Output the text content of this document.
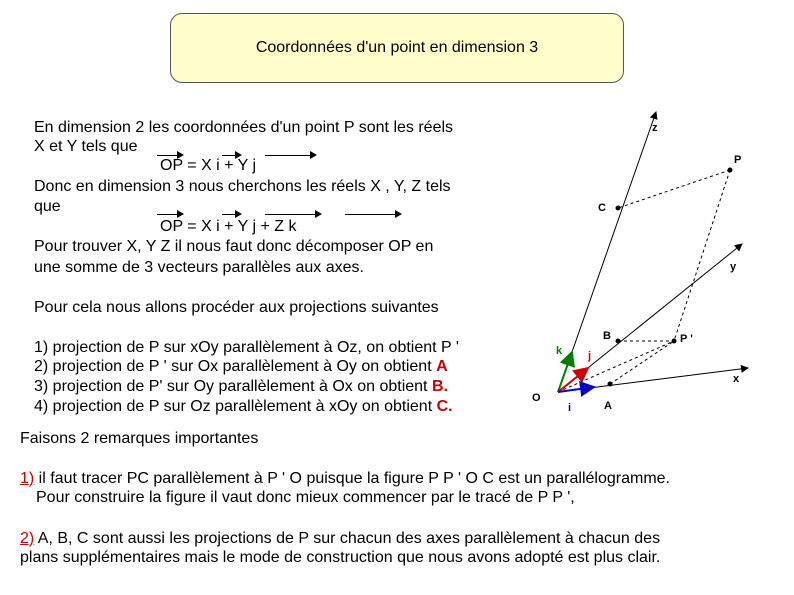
Coordonnées d'un point en dimension 3
En dimension 2 les coordonnées d'un point P sont les réels
X et Y tels que
OP = X i + Y j
Donc en dimension 3 nous cherchons les réels X , Y, Z tels
que
OP = X i + Y j + Z k
Pour trouver X, Y Z il nous faut donc décomposer OP en
une somme de 3 vecteurs parallèles aux axes.
Pour cela nous allons procéder aux projections suivantes
1) projection de P sur xOy parallèlement à Oz, on obtient P '
2) projection de P ' sur Ox parallèlement à Oy on obtient A
3) projection de P' sur Oy parallèlement à Ox on obtient B.
4) projection de P sur Oz parallèlement à xOy on obtient C.
Faisons 2 remarques importantes
1) il faut tracer PC parallèlement à P ' O puisque la figure P P ' O C est un parallélogramme.
Pour construire la figure il vaut donc mieux commencer par le tracé de P P ',
2) A, B, C sont aussi les projections de P sur chacun des axes parallèlement à chacun des
plans supplémentaires mais le mode de construction que nous avons adopté est plus clair.
z
P
C
y
B	P '
x
O
A
k j
i
